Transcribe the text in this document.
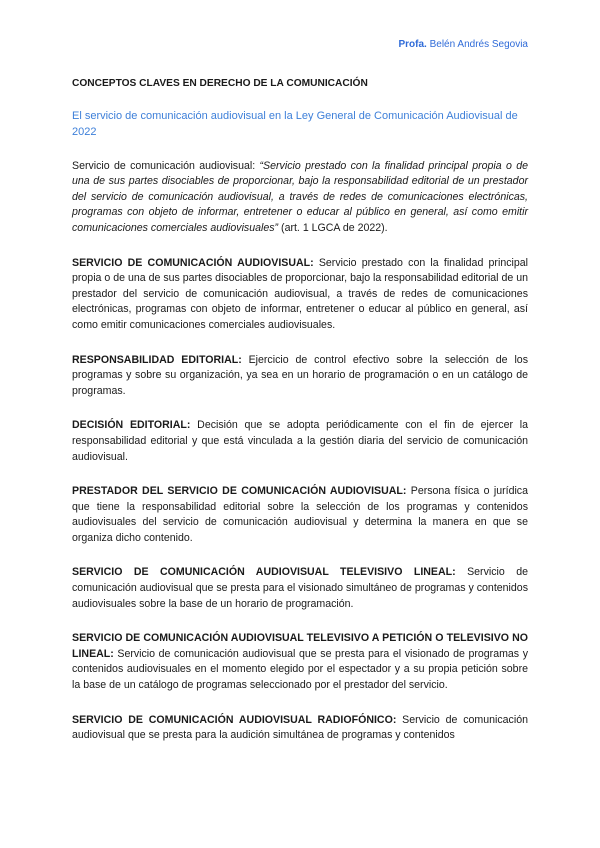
Profa. Belén Andrés Segovia
CONCEPTOS CLAVES EN DERECHO DE LA COMUNICACIÓN
El servicio de comunicación audiovisual en la Ley General de Comunicación Audiovisual de 2022

Servicio de comunicación audiovisual: “Servicio prestado con la finalidad principal propia o de una de sus partes disociables de proporcionar, bajo la responsabilidad editorial de un prestador del servicio de comunicación audiovisual, a través de redes de comunicaciones electrónicas, programas con objeto de informar, entretener o educar al público en general, así como emitir comunicaciones comerciales audiovisuales” (art. 1 LGCA de 2022).

SERVICIO DE COMUNICACIÓN AUDIOVISUAL: Servicio prestado con la finalidad principal propia o de una de sus partes disociables de proporcionar, bajo la responsabilidad editorial de un prestador del servicio de comunicación audiovisual, a través de redes de comunicaciones electrónicas, programas con objeto de informar, entretener o educar al público en general, así como emitir comunicaciones comerciales audiovisuales.

RESPONSABILIDAD EDITORIAL: Ejercicio de control efectivo sobre la selección de los programas y sobre su organización, ya sea en un horario de programación o en un catálogo de programas.

DECISIÓN EDITORIAL: Decisión que se adopta periódicamente con el fin de ejercer la responsabilidad editorial y que está vinculada a la gestión diaria del servicio de comunicación audiovisual.

PRESTADOR DEL SERVICIO DE COMUNICACIÓN AUDIOVISUAL: Persona física o jurídica que tiene la responsabilidad editorial sobre la selección de los programas y contenidos audiovisuales del servicio de comunicación audiovisual y determina la manera en que se organiza dicho contenido.

SERVICIO DE COMUNICACIÓN AUDIOVISUAL TELEVISIVO LINEAL: Servicio de comunicación audiovisual que se presta para el visionado simultáneo de programas y contenidos audiovisuales sobre la base de un horario de programación.

SERVICIO DE COMUNICACIÓN AUDIOVISUAL TELEVISIVO A PETICIÓN O TELEVISIVO NO LINEAL: Servicio de comunicación audiovisual que se presta para el visionado de programas y contenidos audiovisuales en el momento elegido por el espectador y a su propia petición sobre la base de un catálogo de programas seleccionado por el prestador del servicio.

SERVICIO DE COMUNICACIÓN AUDIOVISUAL RADIOFÓNICO: Servicio de comunicación audiovisual que se presta para la audición simultánea de programas y contenidos
